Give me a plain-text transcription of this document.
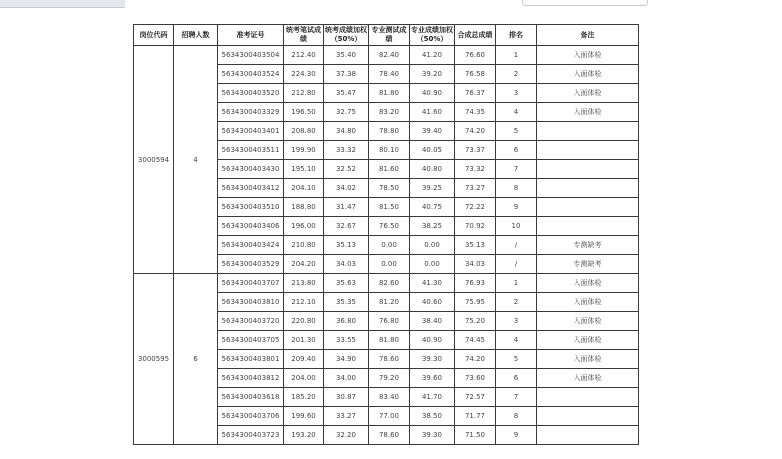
岗位代码	招聘人数	准考证号	统考笔试成绩	统考成绩加权（50%）	专业测试成绩	专业成绩加权（50%）	合成总成绩	排名	备注
3000594	4	5634300403504	212.40	35.40	82.40	41.20	76.60	1	入面体检
		5634300403524	224.30	37.38	78.40	39.20	76.58	2	入面体检
		5634300403520	212.80	35.47	81.80	40.90	76.37	3	入面体检
		5634300403329	196.50	32.75	83.20	41.60	74.35	4	入面体检
		5634300403401	208.80	34.80	78.80	39.40	74.20	5	
		5634300403511	199.90	33.32	80.10	40.05	73.37	6	
		5634300403430	195.10	32.52	81.60	40.80	73.32	7	
		5634300403412	204.10	34.02	78.50	39.25	73.27	8	
		5634300403510	188.80	31.47	81.50	40.75	72.22	9	
		5634300403406	196.00	32.67	76.50	38.25	70.92	10	
		5634300403424	210.80	35.13	0.00	0.00	35.13	/	专测缺考
		5634300403529	204.20	34.03	0.00	0.00	34.03	/	专测缺考
3000595	6	5634300403707	213.80	35.63	82.60	41.30	76.93	1	入面体检
		5634300403810	212.10	35.35	81.20	40.60	75.95	2	入面体检
		5634300403720	220.80	36.80	76.80	38.40	75.20	3	入面体检
		5634300403705	201.30	33.55	81.80	40.90	74.45	4	入面体检
		5634300403801	209.40	34.90	78.60	39.30	74.20	5	入面体检
		5634300403812	204.00	34.00	79.20	39.60	73.60	6	入面体检
		5634300403618	185.20	30.87	83.40	41.70	72.57	7	
		5634300403706	199.60	33.27	77.00	38.50	71.77	8	
		5634300403723	193.20	32.20	78.60	39.30	71.50	9	
